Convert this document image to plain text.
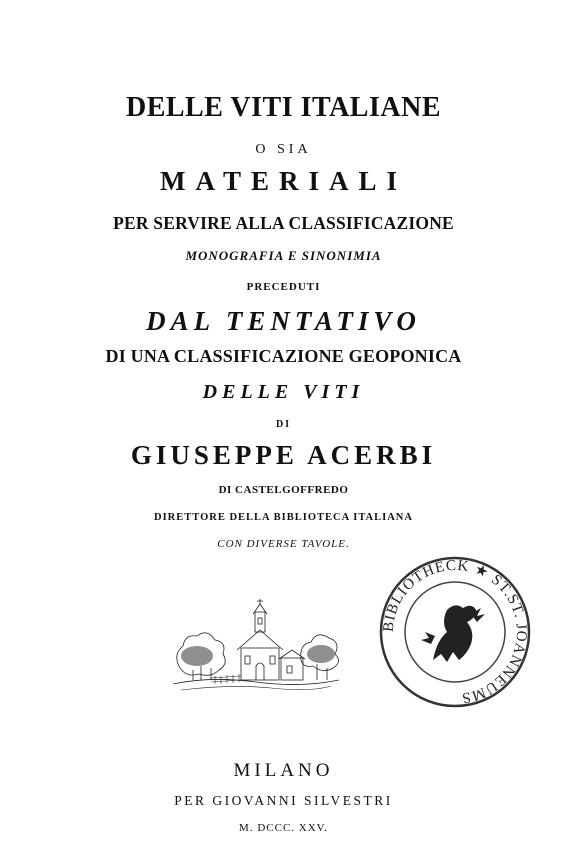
DELLE VITI ITALIANE
O SIA
MATERIALI
PER SERVIRE ALLA CLASSIFICAZIONE
MONOGRAFIA E SINONIMIA
PRECEDUTI
DAL TENTATIVO
DI UNA CLASSIFICAZIONE GEOPONICA
DELLE VITI
DI
GIUSEPPE ACERBI
DI CASTELGOFFREDO
DIRETTORE DELLA BIBLIOTECA ITALIANA
CON DIVERSE TAVOLE.
BIBLIOTHECK ★ ST.ST. JOANNEUMS
MILANO
PER GIOVANNI SILVESTRI
M. DCCC. XXV.
